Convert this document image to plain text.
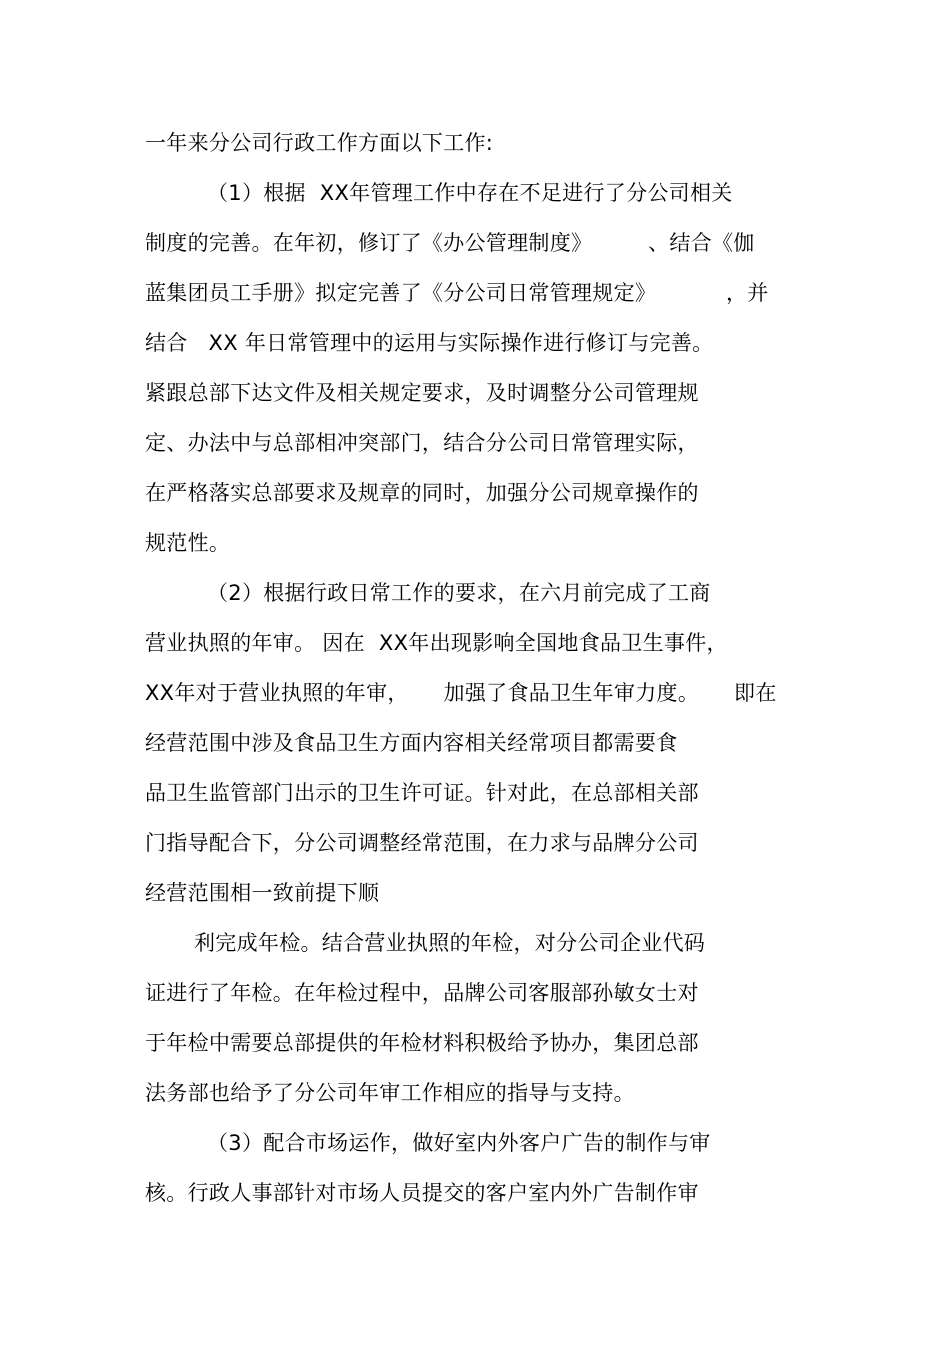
一年来分公司行政工作方面以下工作:
（1）根据  XX年管理工作中存在不足进行了分公司相关
制度的完善。在年初，修订了《办公管理制度》        、结合《伽
蓝集团员工手册》拟定完善了《分公司日常管理规定》          ，并
结合   XX 年日常管理中的运用与实际操作进行修订与完善。
紧跟总部下达文件及相关规定要求，及时调整分公司管理规
定、办法中与总部相冲突部门，结合分公司日常管理实际，
在严格落实总部要求及规章的同时，加强分公司规章操作的
规范性。
（2）根据行政日常工作的要求，在六月前完成了工商
营业执照的年审。 因在  XX年出现影响全国地食品卫生事件，
XX年对于营业执照的年审，     加强了食品卫生年审力度。     即在
经营范围中涉及食品卫生方面内容相关经常项目都需要食
品卫生监管部门出示的卫生许可证。针对此，在总部相关部
门指导配合下，分公司调整经常范围，在力求与品牌分公司
经营范围相一致前提下顺
利完成年检。结合营业执照的年检，对分公司企业代码
证进行了年检。在年检过程中，品牌公司客服部孙敏女士对
于年检中需要总部提供的年检材料积极给予协办，集团总部
法务部也给予了分公司年审工作相应的指导与支持。
（3）配合市场运作，做好室内外客户广告的制作与审
核。行政人事部针对市场人员提交的客户室内外广告制作审
